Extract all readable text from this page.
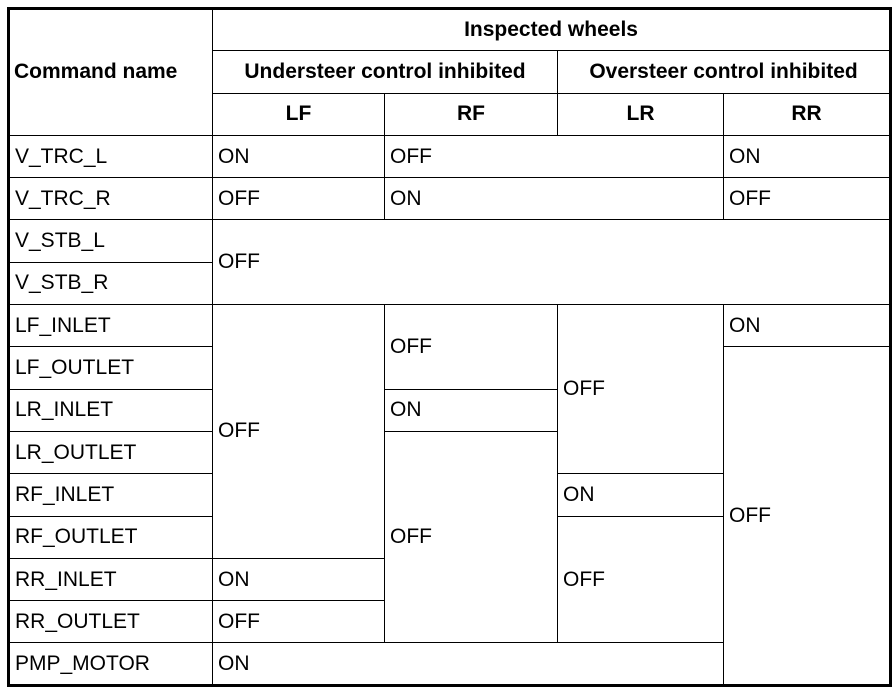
Command name	Inspected wheels			
	Understeer control inhibited		Oversteer control inhibited	
	LF	RF	LR	RR
V_TRC_L	ON	OFF		ON
V_TRC_R	OFF	ON		OFF
V_STB_L	OFF			
V_STB_R				
LF_INLET	OFF	OFF	OFF	ON
LF_OUTLET				OFF
LR_INLET		ON		
LR_OUTLET		OFF		
RF_INLET			ON	
RF_OUTLET			OFF	
RR_INLET	ON			
RR_OUTLET	OFF			
PMP_MOTOR	ON			
